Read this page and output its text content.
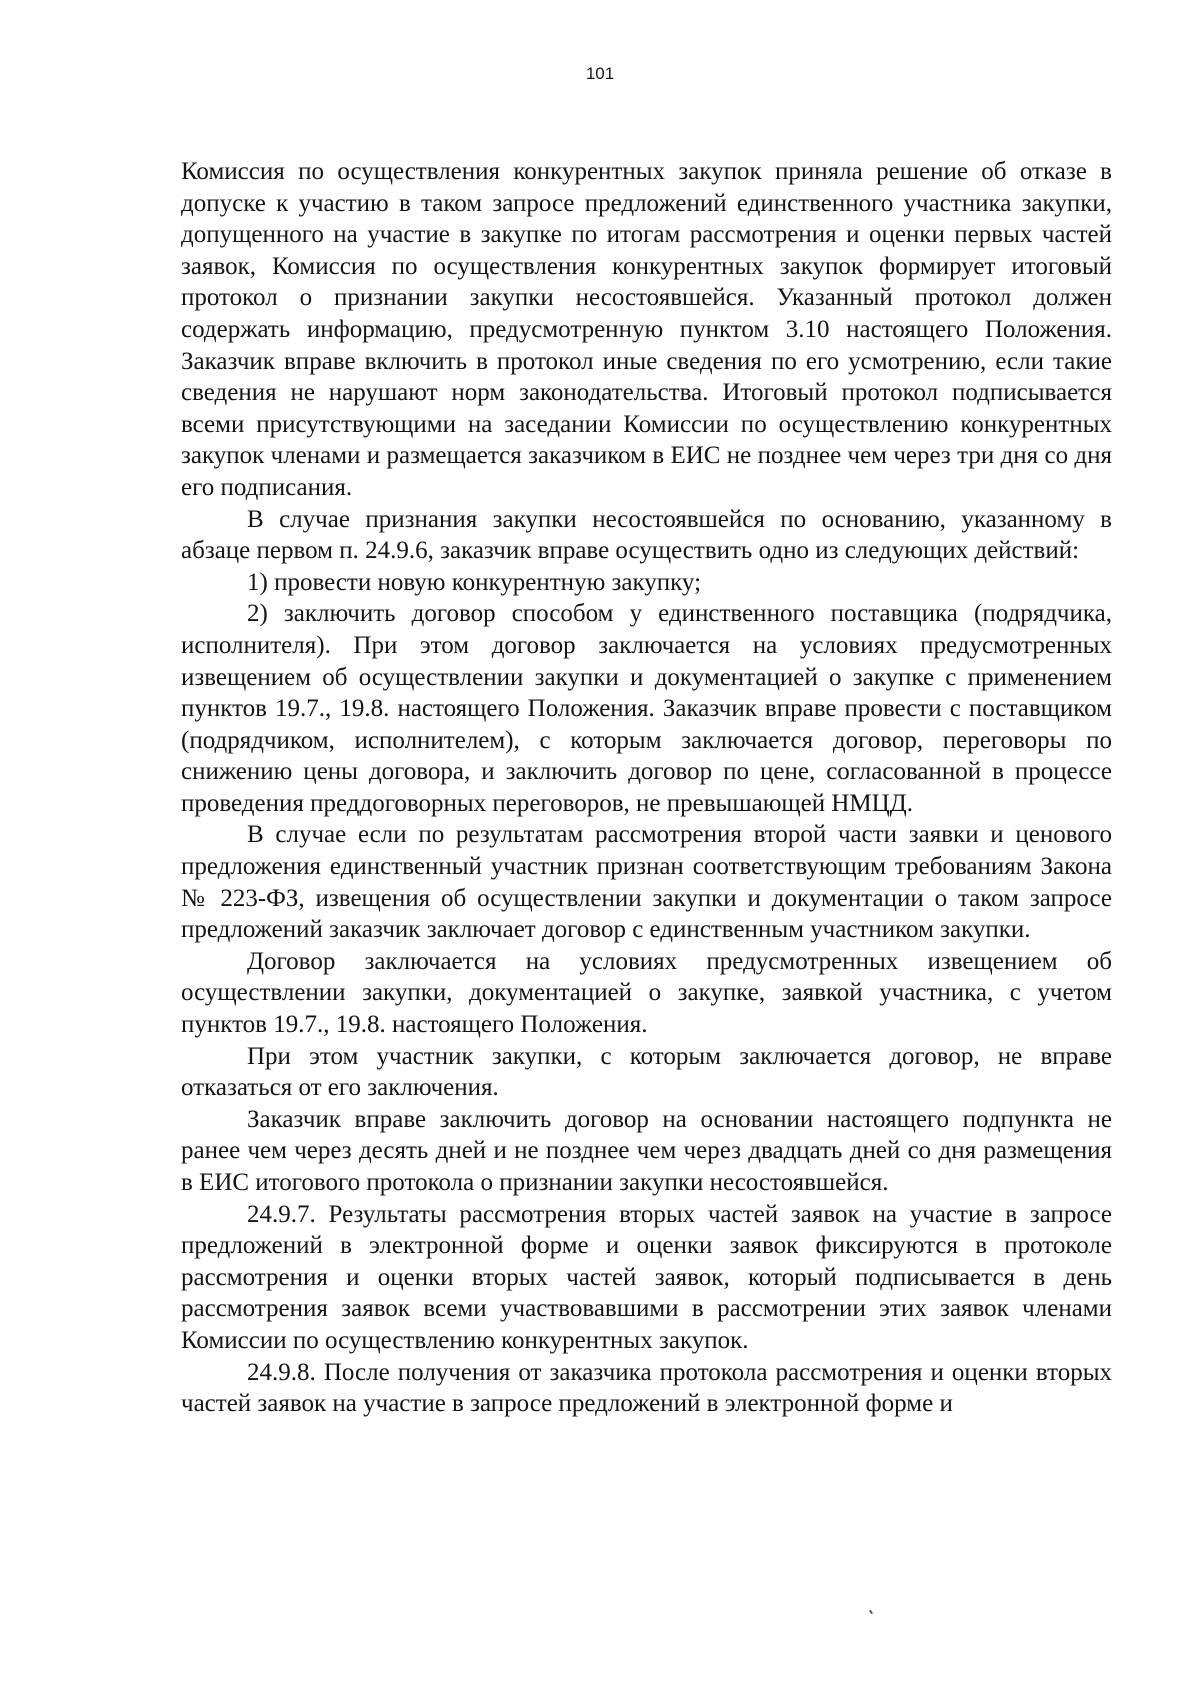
101

Комиссия по осуществления конкурентных закупок приняла решение об отказе в допуске к участию в таком запросе предложений единственного участника закупки, допущенного на участие в закупке по итогам рассмотрения и оценки первых частей заявок, Комиссия по осуществления конкурентных закупок формирует итоговый протокол о признании закупки несостоявшейся. Указанный протокол должен содержать информацию, предусмотренную пунктом 3.10 настоящего Положения. Заказчик вправе включить в протокол иные сведения по его усмотрению, если такие сведения не нарушают норм законодательства. Итоговый протокол подписывается всеми присутствующими на заседании Комиссии по осуществлению конкурентных закупок членами и размещается заказчиком в ЕИС не позднее чем через три дня со дня его подписания.

В случае признания закупки несостоявшейся по основанию, указанному в абзаце первом п. 24.9.6, заказчик вправе осуществить одно из следующих действий:

1) провести новую конкурентную закупку;

2) заключить договор способом у единственного поставщика (подрядчика, исполнителя). При этом договор заключается на условиях предусмотренных извещением об осуществлении закупки и документацией о закупке с применением пунктов 19.7., 19.8. настоящего Положения. Заказчик вправе провести с поставщиком (подрядчиком, исполнителем), с которым заключается договор, переговоры по снижению цены договора, и заключить договор по цене, согласованной в процессе проведения преддоговорных переговоров, не превышающей НМЦД.

В случае если по результатам рассмотрения второй части заявки и ценового предложения единственный участник признан соответствующим требованиям Закона № 223-ФЗ, извещения об осуществлении закупки и документации о таком запросе предложений заказчик заключает договор с единственным участником закупки.

Договор заключается на условиях предусмотренных извещением об осуществлении закупки, документацией о закупке, заявкой участника, с учетом пунктов 19.7., 19.8. настоящего Положения.

При этом участник закупки, с которым заключается договор, не вправе отказаться от его заключения.

Заказчик вправе заключить договор на основании настоящего подпункта не ранее чем через десять дней и не позднее чем через двадцать дней со дня размещения в ЕИС итогового протокола о признании закупки несостоявшейся.

24.9.7. Результаты рассмотрения вторых частей заявок на участие в запросе предложений в электронной форме и оценки заявок фиксируются в протоколе рассмотрения и оценки вторых частей заявок, который подписывается в день рассмотрения заявок всеми участвовавшими в рассмотрении этих заявок членами Комиссии по осуществлению конкурентных закупок.

24.9.8. После получения от заказчика протокола рассмотрения и оценки вторых частей заявок на участие в запросе предложений в электронной форме и
